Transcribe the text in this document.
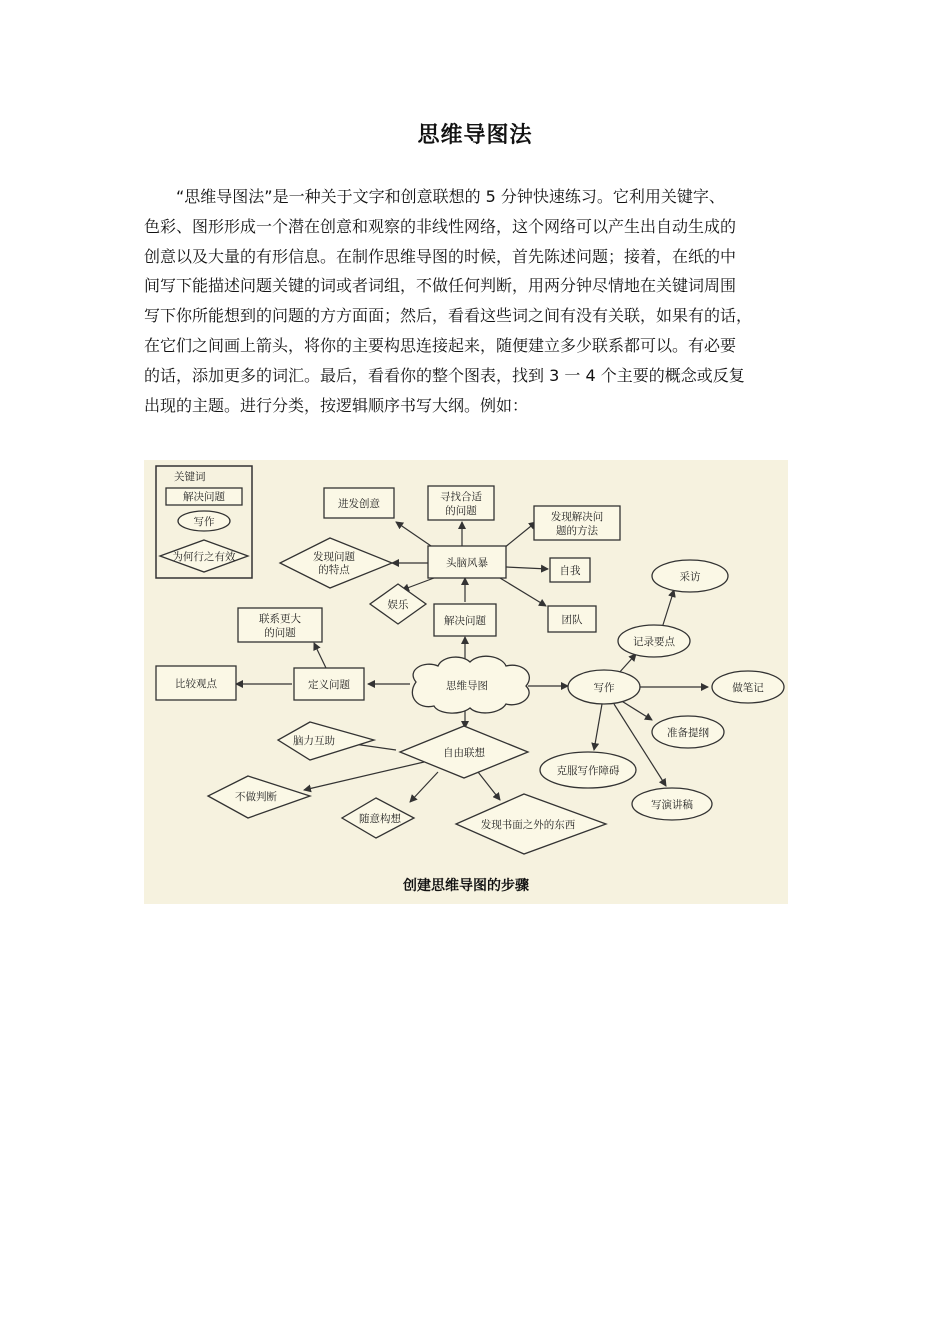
思维导图法
“思维导图法”是一种关于文字和创意联想的 5 分钟快速练习。它利用关键字、
色彩、图形形成一个潜在创意和观察的非线性网络，这个网络可以产生出自动生成的
创意以及大量的有形信息。在制作思维导图的时候，首先陈述问题；接着，在纸的中
间写下能描述问题关键的词或者词组，不做任何判断，用两分钟尽情地在关键词周围
写下你所能想到的问题的方方面面；然后，看看这些词之间有没有关联，如果有的话，
在它们之间画上箭头，将你的主要构思连接起来，随便建立多少联系都可以。有必要
的话，添加更多的词汇。最后，看看你的整个图表，找到 3 一 4 个主要的概念或反复
出现的主题。进行分类，按逻辑顺序书写大纲。例如：
关键词
解决问题
写作
为何行之有效
进发创意
寻找合适
的问题	发现解决问
题的方法
头脑风暴
自我
团队
解决问题
联系更大
的问题
定义问题
比较观点	思维导图
发现问题
的特点
娱乐
自由联想
脑力互助
不做判断
随意构想	发现书面之外的东西
写作
采访
记录要点
做笔记
准备提纲
克服写作障碍
写演讲稿
创建思维导图的步骤
